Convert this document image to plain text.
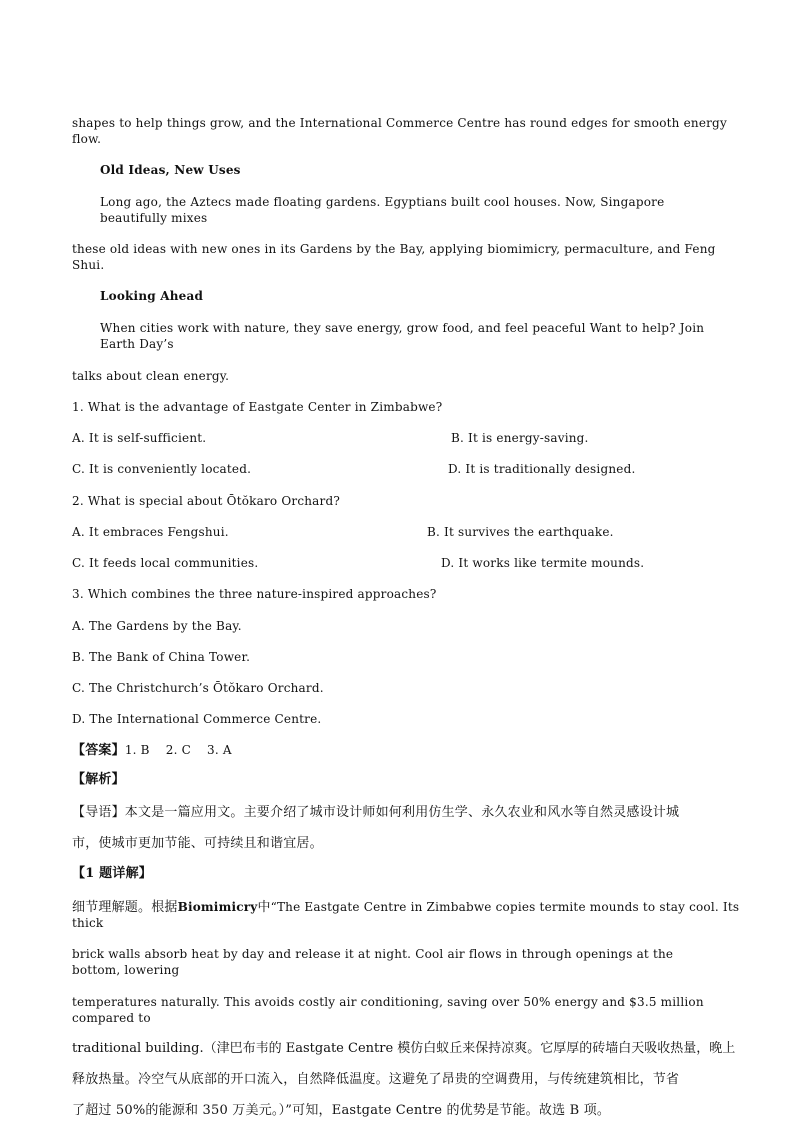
shapes to help things grow, and the International Commerce Centre has round edges for smooth energy
flow.
Old Ideas, New Uses
Long ago, the Aztecs made floating gardens. Egyptians built cool houses. Now, Singapore
beautifully mixes
these old ideas with new ones in its Gardens by the Bay, applying biomimicry, permaculture, and Feng
Shui.
Looking Ahead
When cities work with nature, they save energy, grow food, and feel peaceful Want to help? Join
Earth Day’s
talks about clean energy.
1. What is the advantage of Eastgate Center in Zimbabwe?
A. It is self-sufficient.	B. It is energy-saving.
C. It is conveniently located.	D. It is traditionally designed.
2. What is special about Ōtŏkaro Orchard?
A. It embraces Fengshui.	B. It survives the earthquake.
C. It feeds local communities.	D. It works like termite mounds.
3. Which combines the three nature-inspired approaches?
A. The Gardens by the Bay.
B. The Bank of China Tower.
C. The Christchurch’s Ōtŏkaro Orchard.
D. The International Commerce Centre.
【答案】1. B    2. C    3. A
【解析】
【导语】本文是一篇应用文。主要介绍了城市设计师如何利用仿生学、永久农业和风水等自然灵感设计城
市，使城市更加节能、可持续且和谐宜居。
【1 题详解】
细节理解题。根据Biomimicry中“The Eastgate Centre in Zimbabwe copies termite mounds to stay cool. Its
thick
brick walls absorb heat by day and release it at night. Cool air flows in through openings at the
bottom, lowering
temperatures naturally. This avoids costly air conditioning, saving over 50% energy and $3.5 million
compared to
traditional building.（津巴布韦的 Eastgate Centre 模仿白蚁丘来保持凉爽。它厚厚的砖墙白天吸收热量，晚上
释放热量。冷空气从底部的开口流入，自然降低温度。这避免了昂贵的空调费用，与传统建筑相比，节省
了超过 50%的能源和 350 万美元。）”可知，Eastgate Centre 的优势是节能。故选 B 项。
